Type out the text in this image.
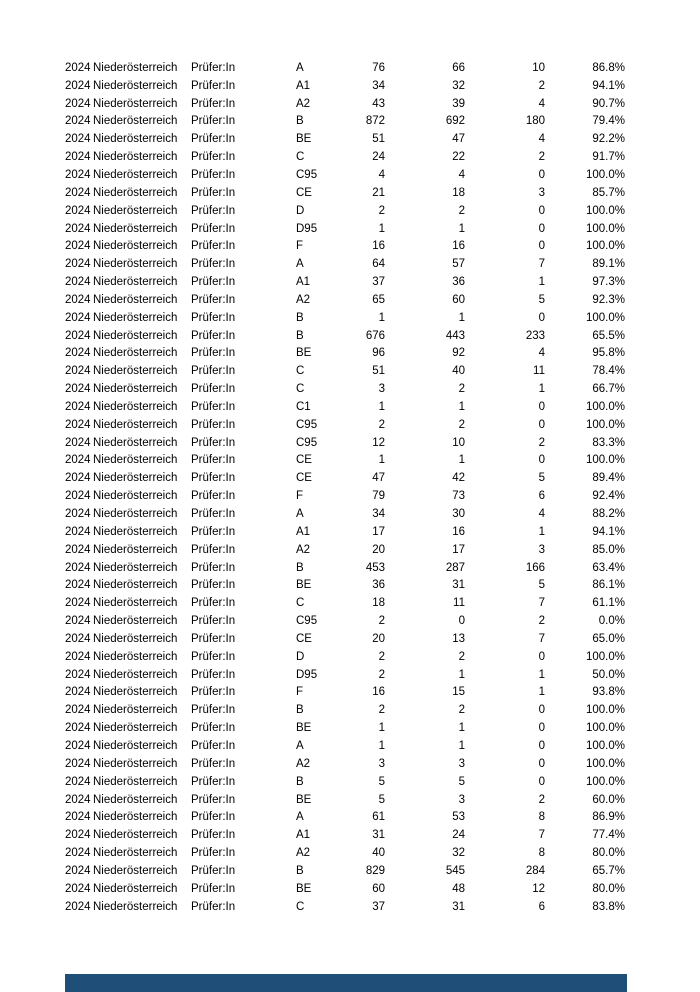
2024 Niederösterreich	Prüfer:In	A	76	66	10	86.8%
2024 Niederösterreich	Prüfer:In	A1	34	32	2	94.1%
2024 Niederösterreich	Prüfer:In	A2	43	39	4	90.7%
2024 Niederösterreich	Prüfer:In	B	872	692	180	79.4%
2024 Niederösterreich	Prüfer:In	BE	51	47	4	92.2%
2024 Niederösterreich	Prüfer:In	C	24	22	2	91.7%
2024 Niederösterreich	Prüfer:In	C95	4	4	0	100.0%
2024 Niederösterreich	Prüfer:In	CE	21	18	3	85.7%
2024 Niederösterreich	Prüfer:In	D	2	2	0	100.0%
2024 Niederösterreich	Prüfer:In	D95	1	1	0	100.0%
2024 Niederösterreich	Prüfer:In	F	16	16	0	100.0%
2024 Niederösterreich	Prüfer:In	A	64	57	7	89.1%
2024 Niederösterreich	Prüfer:In	A1	37	36	1	97.3%
2024 Niederösterreich	Prüfer:In	A2	65	60	5	92.3%
2024 Niederösterreich	Prüfer:In	B	1	1	0	100.0%
2024 Niederösterreich	Prüfer:In	B	676	443	233	65.5%
2024 Niederösterreich	Prüfer:In	BE	96	92	4	95.8%
2024 Niederösterreich	Prüfer:In	C	51	40	11	78.4%
2024 Niederösterreich	Prüfer:In	C	3	2	1	66.7%
2024 Niederösterreich	Prüfer:In	C1	1	1	0	100.0%
2024 Niederösterreich	Prüfer:In	C95	2	2	0	100.0%
2024 Niederösterreich	Prüfer:In	C95	12	10	2	83.3%
2024 Niederösterreich	Prüfer:In	CE	1	1	0	100.0%
2024 Niederösterreich	Prüfer:In	CE	47	42	5	89.4%
2024 Niederösterreich	Prüfer:In	F	79	73	6	92.4%
2024 Niederösterreich	Prüfer:In	A	34	30	4	88.2%
2024 Niederösterreich	Prüfer:In	A1	17	16	1	94.1%
2024 Niederösterreich	Prüfer:In	A2	20	17	3	85.0%
2024 Niederösterreich	Prüfer:In	B	453	287	166	63.4%
2024 Niederösterreich	Prüfer:In	BE	36	31	5	86.1%
2024 Niederösterreich	Prüfer:In	C	18	11	7	61.1%
2024 Niederösterreich	Prüfer:In	C95	2	0	2	0.0%
2024 Niederösterreich	Prüfer:In	CE	20	13	7	65.0%
2024 Niederösterreich	Prüfer:In	D	2	2	0	100.0%
2024 Niederösterreich	Prüfer:In	D95	2	1	1	50.0%
2024 Niederösterreich	Prüfer:In	F	16	15	1	93.8%
2024 Niederösterreich	Prüfer:In	B	2	2	0	100.0%
2024 Niederösterreich	Prüfer:In	BE	1	1	0	100.0%
2024 Niederösterreich	Prüfer:In	A	1	1	0	100.0%
2024 Niederösterreich	Prüfer:In	A2	3	3	0	100.0%
2024 Niederösterreich	Prüfer:In	B	5	5	0	100.0%
2024 Niederösterreich	Prüfer:In	BE	5	3	2	60.0%
2024 Niederösterreich	Prüfer:In	A	61	53	8	86.9%
2024 Niederösterreich	Prüfer:In	A1	31	24	7	77.4%
2024 Niederösterreich	Prüfer:In	A2	40	32	8	80.0%
2024 Niederösterreich	Prüfer:In	B	829	545	284	65.7%
2024 Niederösterreich	Prüfer:In	BE	60	48	12	80.0%
2024 Niederösterreich	Prüfer:In	C	37	31	6	83.8%
